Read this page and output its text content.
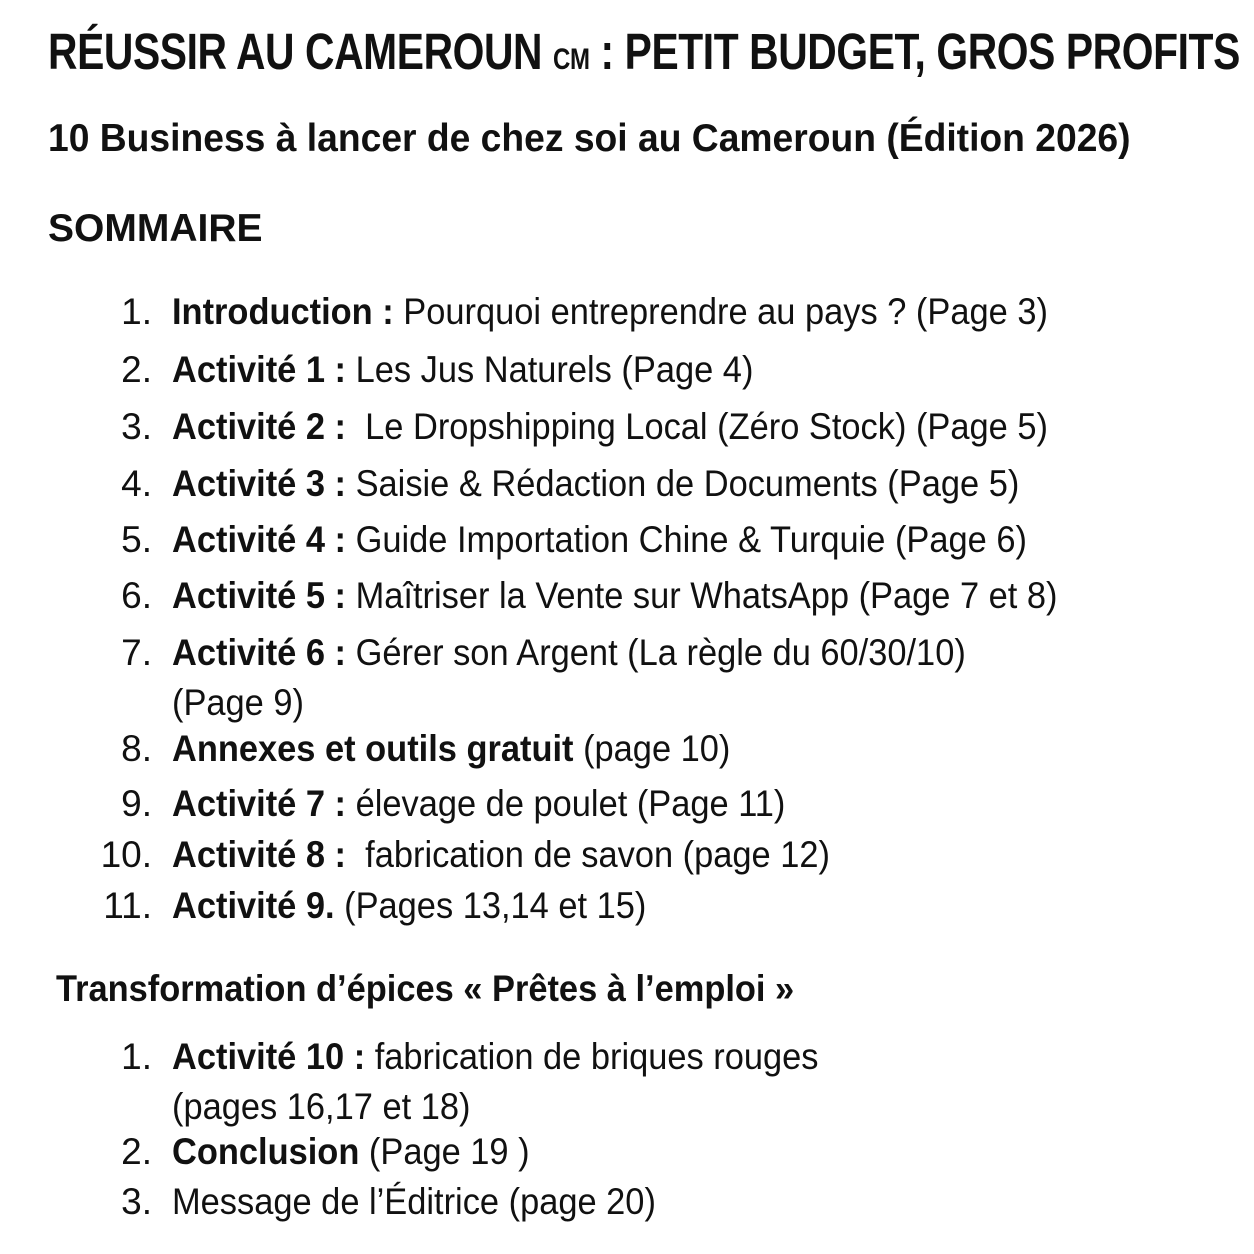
RÉUSSIR AU CAMEROUN CM : PETIT BUDGET, GROS PROFITS
10 Business à lancer de chez soi au Cameroun (Édition 2026)
SOMMAIRE
1. Introduction : Pourquoi entreprendre au pays ? (Page 3)
2. Activité 1 : Les Jus Naturels (Page 4)
3. Activité 2 :  Le Dropshipping Local (Zéro Stock) (Page 5)
4. Activité 3 : Saisie & Rédaction de Documents (Page 5)
5. Activité 4 : Guide Importation Chine & Turquie (Page 6)
6. Activité 5 : Maîtriser la Vente sur WhatsApp (Page 7 et 8)
7. Activité 6 : Gérer son Argent (La règle du 60/30/10)
(Page 9)
8. Annexes et outils gratuit (page 10)
9. Activité 7 : élevage de poulet (Page 11)
10. Activité 8 :  fabrication de savon (page 12)
11. Activité 9. (Pages 13,14 et 15)
Transformation d’épices « Prêtes à l’emploi »
1. Activité 10 : fabrication de briques rouges
(pages 16,17 et 18)
2. Conclusion (Page 19 )
3. Message de l’Éditrice (page 20)
